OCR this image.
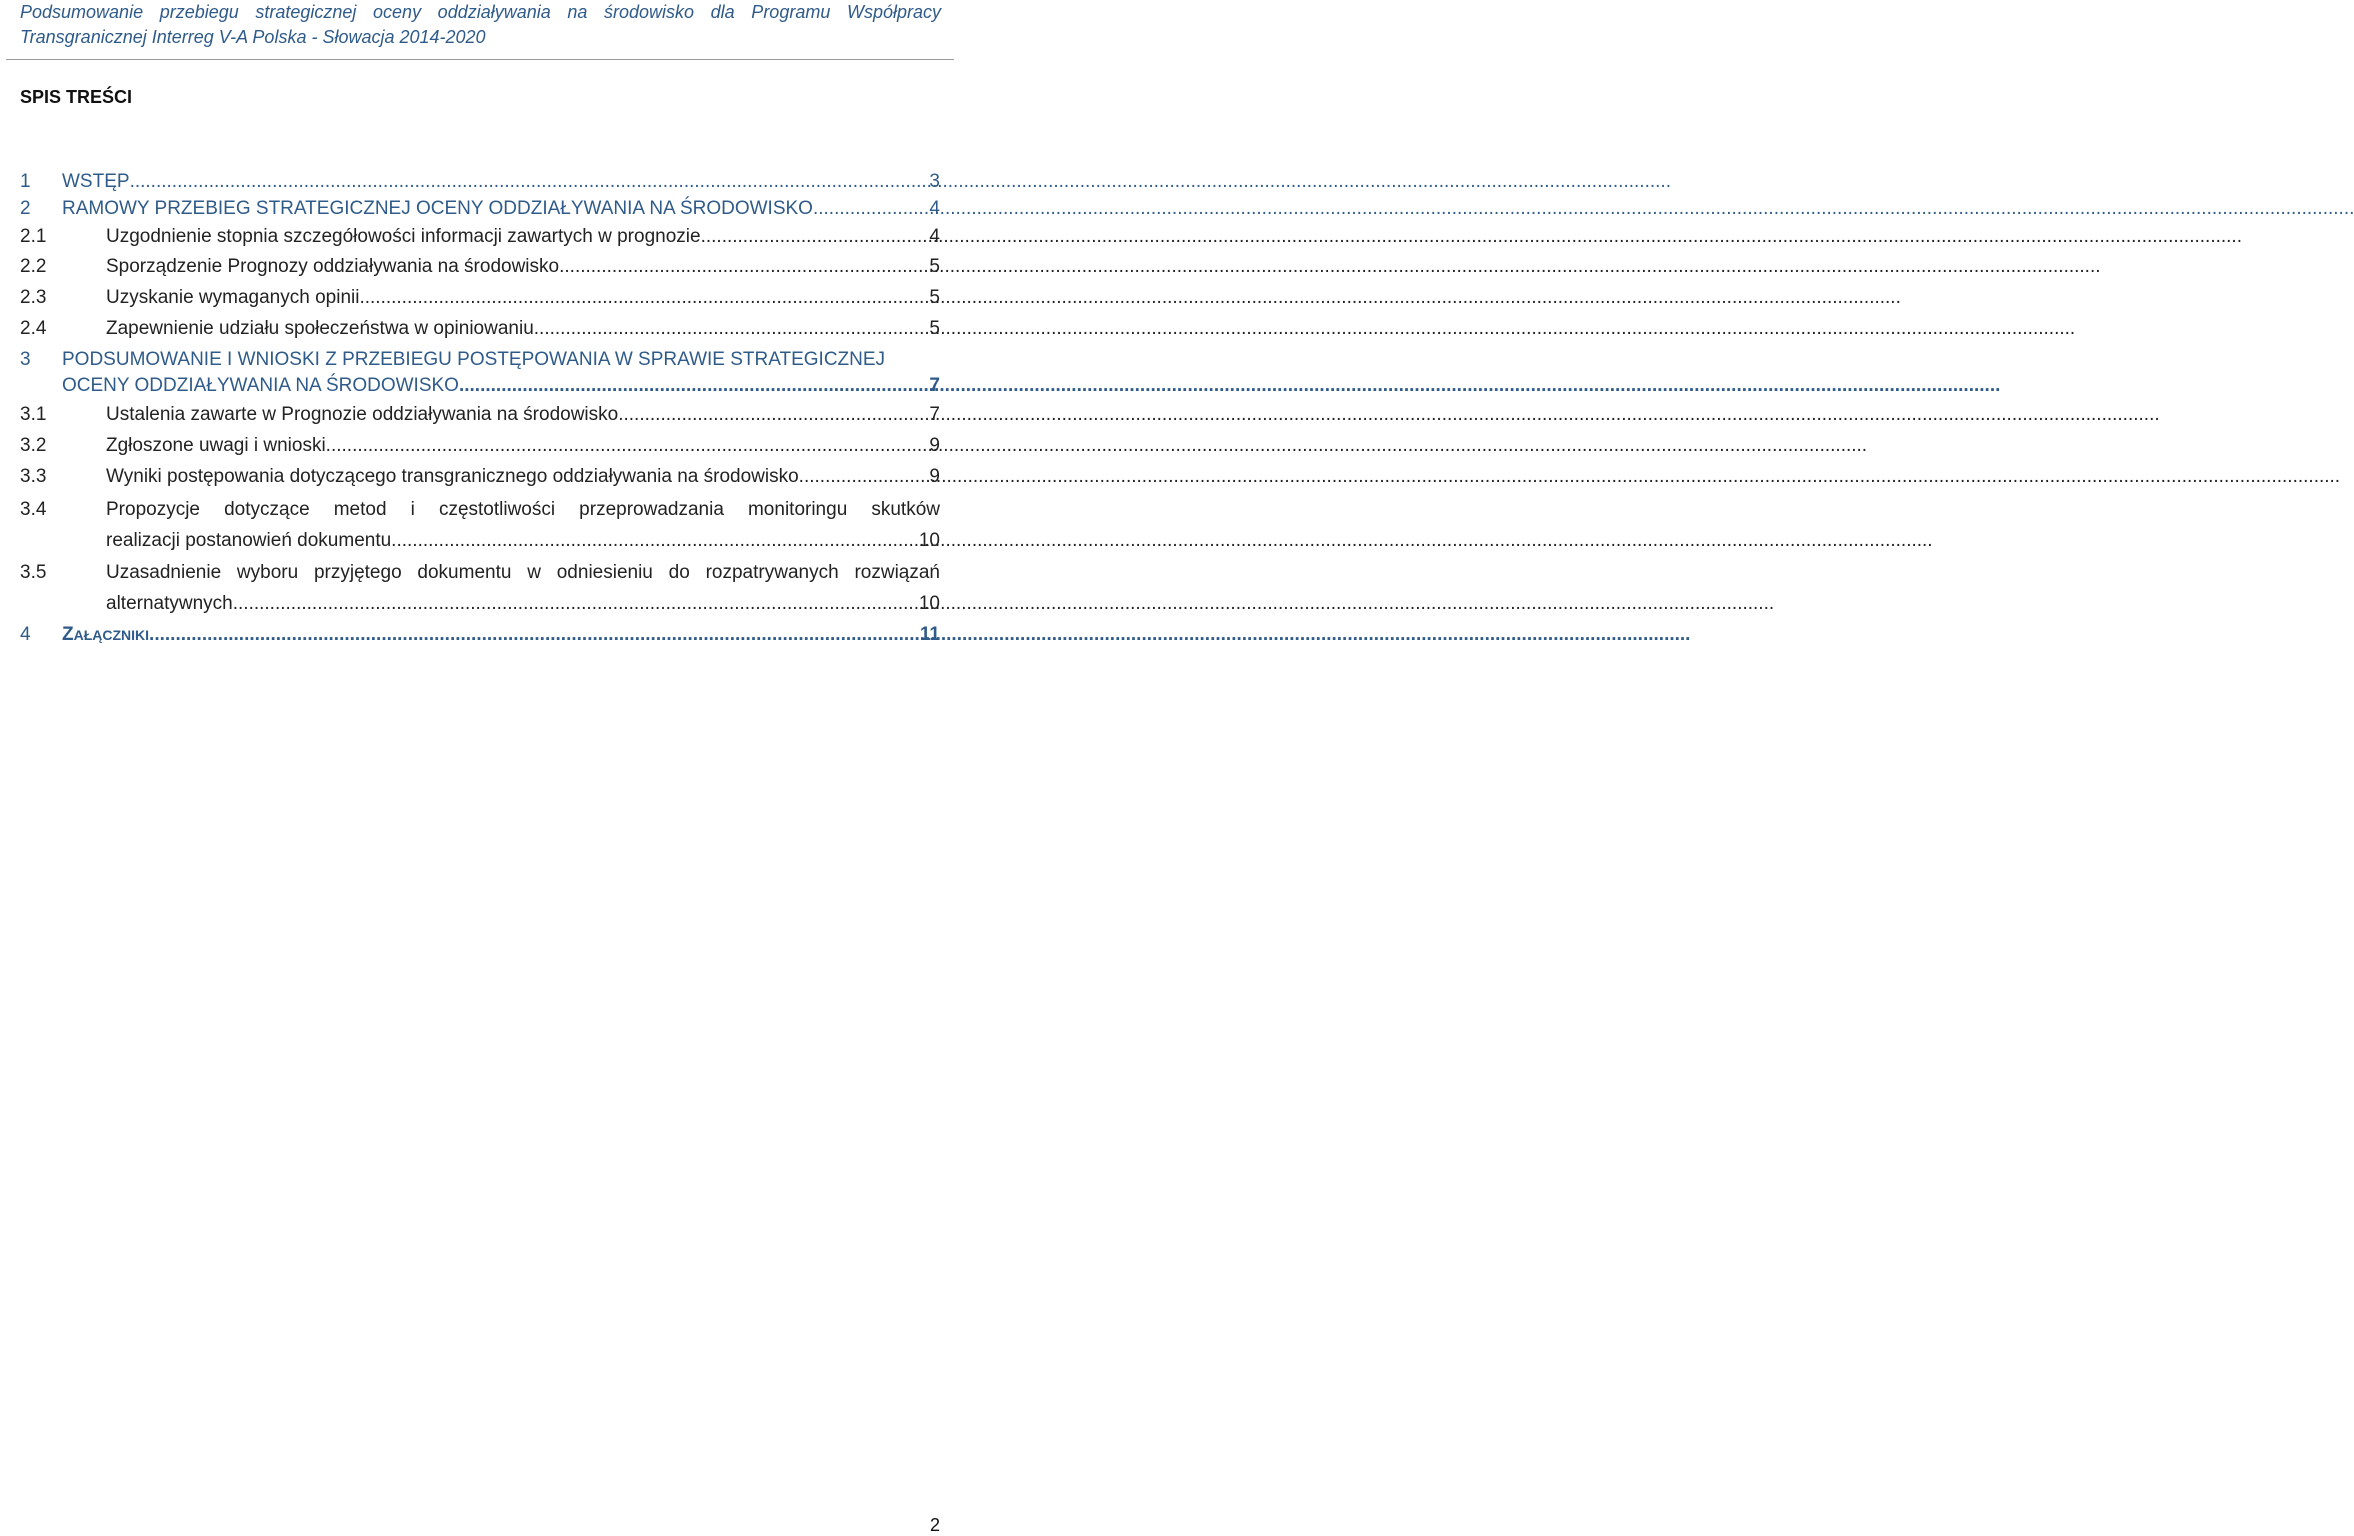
Podsumowanie przebiegu strategicznej oceny oddziaływania na środowisko dla Programu Współpracy
Transgranicznej Interreg V-A Polska - Słowacja 2014-2020
SPIS TREŚCI
1 WSTĘP .....	3
2 RAMOWY PRZEBIEG STRATEGICZNEJ OCENY ODDZIAŁYWANIA NA ŚRODOWISKO .....	4
2.1	Uzgodnienie stopnia szczegółowości informacji zawartych w prognozie .....	4
2.2	Sporządzenie Prognozy oddziaływania na środowisko .....	5
2.3	Uzyskanie wymaganych opinii .....	5
2.4	Zapewnienie udziału społeczeństwa w opiniowaniu .....	5
3 PODSUMOWANIE I WNIOSKI Z PRZEBIEGU POSTĘPOWANIA W SPRAWIE STRATEGICZNEJ
OCENY ODDZIAŁYWANIA NA ŚRODOWISKO .....	7
3.1	Ustalenia zawarte w Prognozie oddziaływania na środowisko .....	7
3.2	Zgłoszone uwagi i wnioski .....	9
3.3	Wyniki postępowania dotyczącego transgranicznego oddziaływania na środowisko .....	9
3.4	Propozycje dotyczące metod i częstotliwości przeprowadzania monitoringu skutków
realizacji postanowień dokumentu .....	10
3.5	Uzasadnienie wyboru przyjętego dokumentu w odniesieniu do rozpatrywanych rozwiązań
alternatywnych .....	10
4 ZAŁĄCZNIKI .....	11
2
